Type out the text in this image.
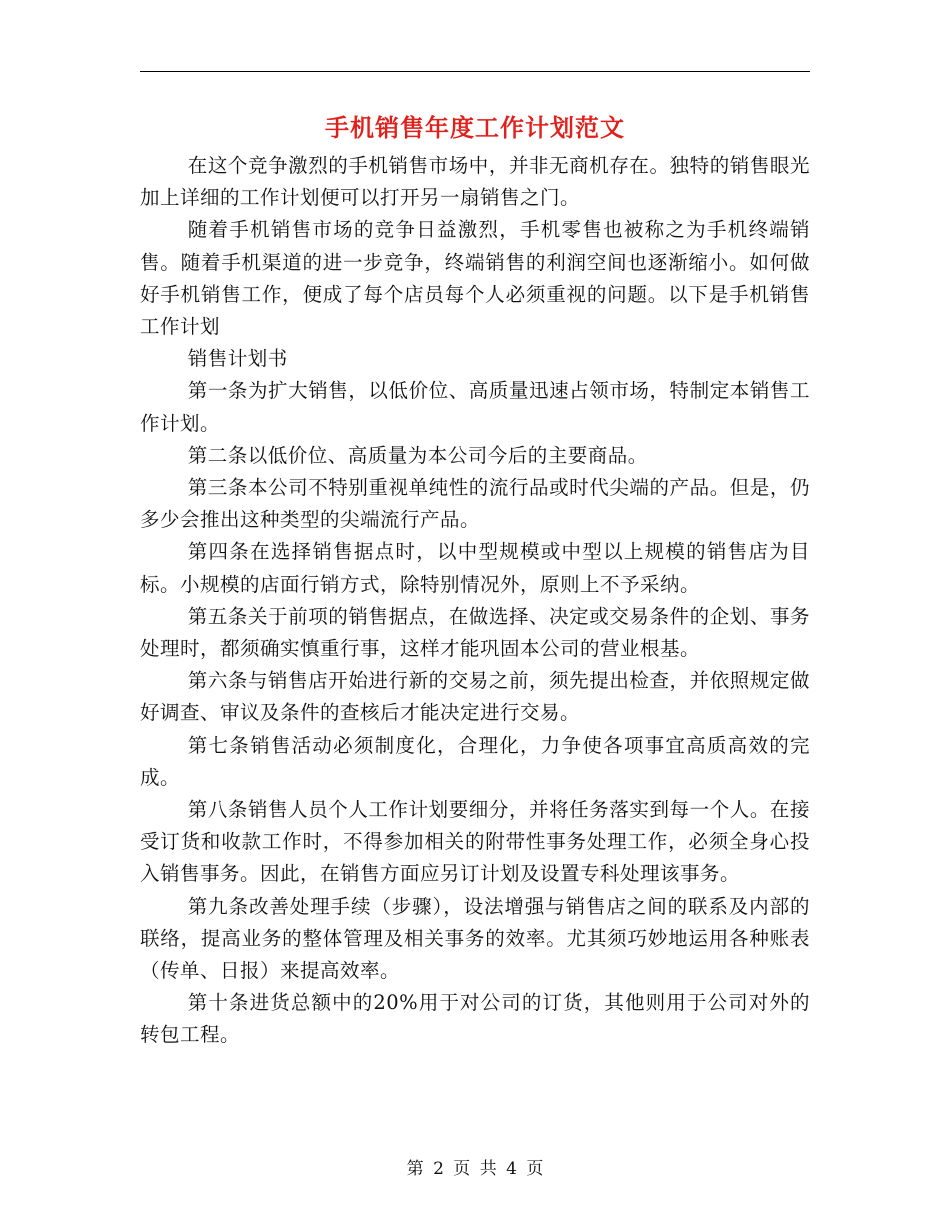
手机销售年度工作计划范文

在这个竞争激烈的手机销售市场中，并非无商机存在。独特的销售眼光加上详细的工作计划便可以打开另一扇销售之门。

随着手机销售市场的竞争日益激烈，手机零售也被称之为手机终端销售。随着手机渠道的进一步竞争，终端销售的利润空间也逐渐缩小。如何做好手机销售工作，便成了每个店员每个人必须重视的问题。以下是手机销售工作计划

销售计划书

第一条为扩大销售，以低价位、高质量迅速占领市场，特制定本销售工作计划。

第二条以低价位、高质量为本公司今后的主要商品。

第三条本公司不特别重视单纯性的流行品或时代尖端的产品。但是，仍多少会推出这种类型的尖端流行产品。

第四条在选择销售据点时，以中型规模或中型以上规模的销售店为目标。小规模的店面行销方式，除特别情况外，原则上不予采纳。

第五条关于前项的销售据点，在做选择、决定或交易条件的企划、事务处理时，都须确实慎重行事，这样才能巩固本公司的营业根基。

第六条与销售店开始进行新的交易之前，须先提出检查，并依照规定做好调查、审议及条件的查核后才能决定进行交易。

第七条销售活动必须制度化，合理化，力争使各项事宜高质高效的完成。

第八条销售人员个人工作计划要细分，并将任务落实到每一个人。在接受订货和收款工作时，不得参加相关的附带性事务处理工作，必须全身心投入销售事务。因此，在销售方面应另订计划及设置专科处理该事务。

第九条改善处理手续（步骤），设法增强与销售店之间的联系及内部的联络，提高业务的整体管理及相关事务的效率。尤其须巧妙地运用各种账表（传单、日报）来提高效率。

第十条进货总额中的20%用于对公司的订货，其他则用于公司对外的转包工程。

第 2 页 共 4 页
